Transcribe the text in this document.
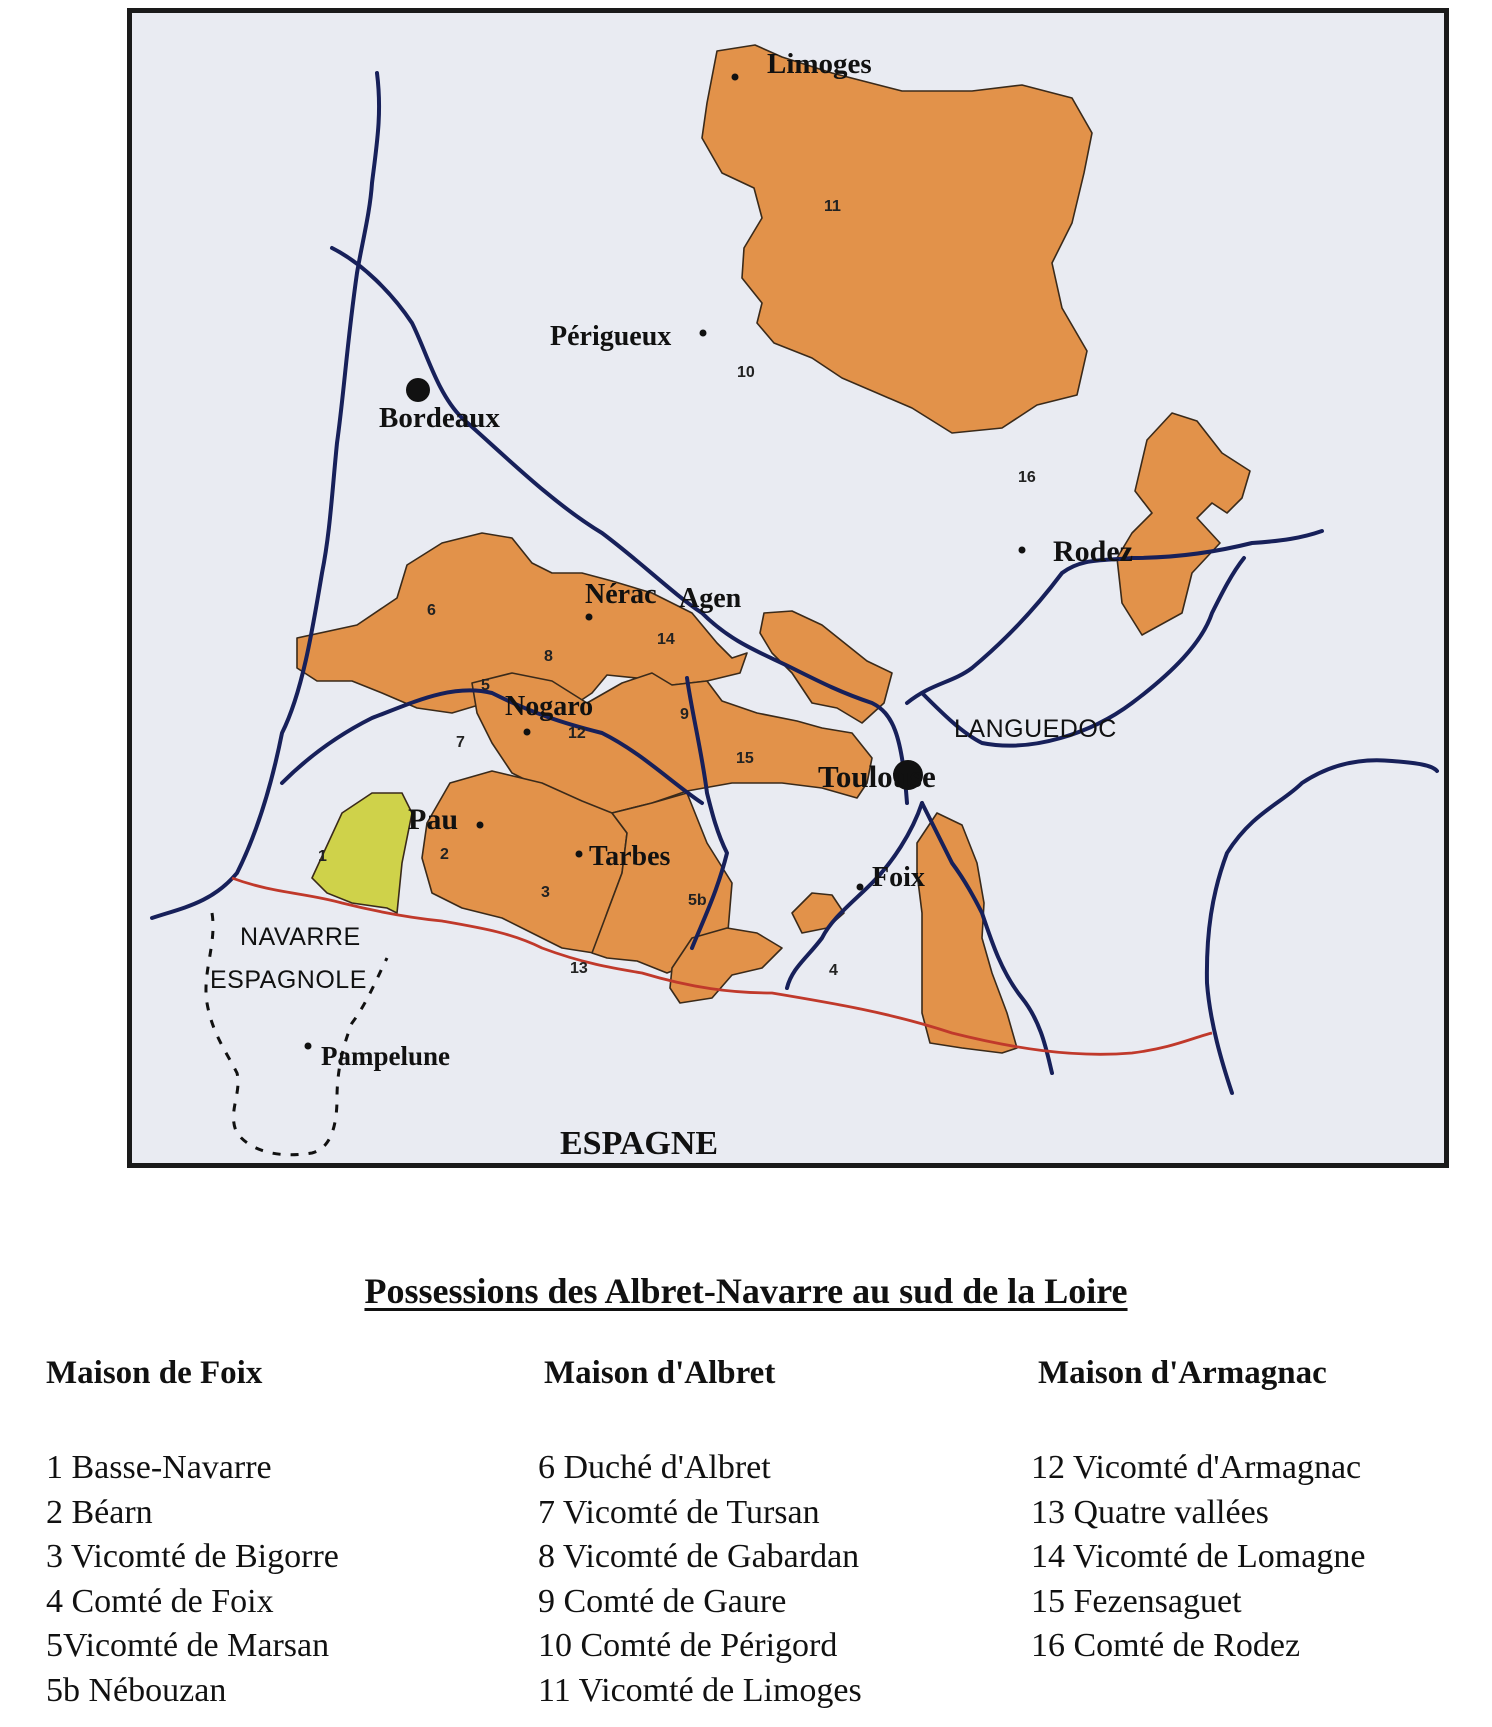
Limoges
Périgueux
Bordeaux
Nérac Agen
Rodez
Nogaro
Toulouse
Pau
Tarbes
Foix
Pampelune
LANGUEDOC
NAVARRE
ESPAGNOLE
ESPAGNE
1	2
3
4
5
5b
6
7
8
9
10
11
12
13
14
15
16
Possessions des Albret-Navarre au sud de la Loire
Maison de Foix
1 Basse-Navarre
2 Béarn
3 Vicomté de Bigorre
4 Comté de Foix
5Vicomté de Marsan
5b Nébouzan
Maison d'Albret
6 Duché d'Albret
7 Vicomté de Tursan
8 Vicomté de Gabardan
9 Comté de Gaure
10 Comté de Périgord
11 Vicomté de Limoges
Maison d'Armagnac
12 Vicomté d'Armagnac
13 Quatre vallées
14 Vicomté de Lomagne
15 Fezensaguet
16 Comté de Rodez
